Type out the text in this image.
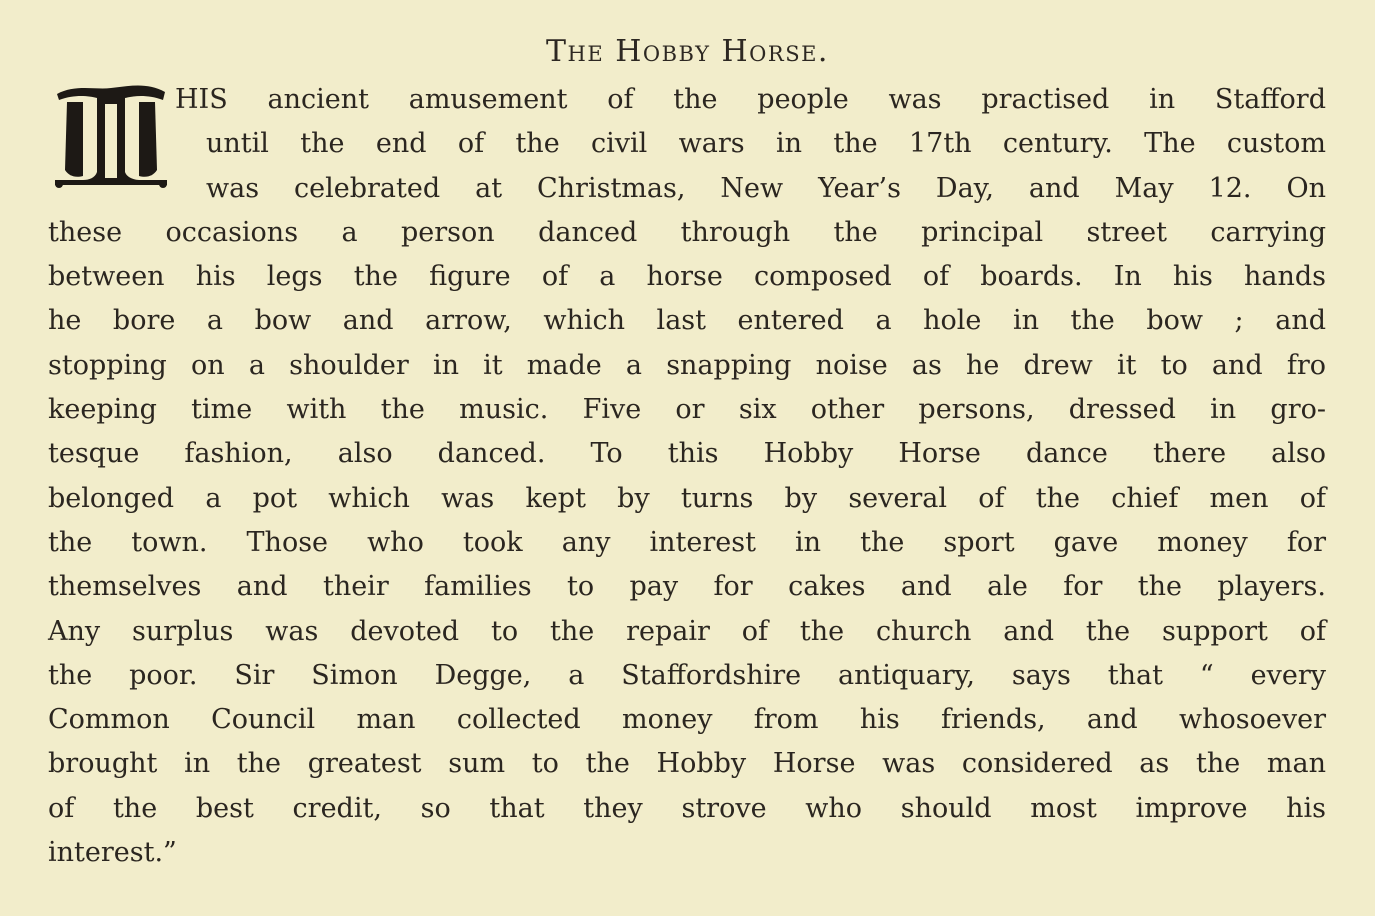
The Hobby Horse.
HIS ancient amusement of the people was practised in Stafford
until the end of the civil wars in the 17th century. The custom
was celebrated at Christmas, New Year’s Day, and May 12. On
these occasions a person danced through the principal street carrying
between his legs the figure of a horse composed of boards. In his hands
he bore a bow and arrow, which last entered a hole in the bow ; and
stopping on a shoulder in it made a snapping noise as he drew it to and fro
keeping time with the music. Five or six other persons, dressed in gro-
tesque fashion, also danced. To this Hobby Horse dance there also
belonged a pot which was kept by turns by several of the chief men of
the town. Those who took any interest in the sport gave money for
themselves and their families to pay for cakes and ale for the players.
Any surplus was devoted to the repair of the church and the support of
the poor. Sir Simon Degge, a Staffordshire antiquary, says that “ every
Common Council man collected money from his friends, and whosoever
brought in the greatest sum to the Hobby Horse was considered as the man
of the best credit, so that they strove who should most improve his
interest.”
